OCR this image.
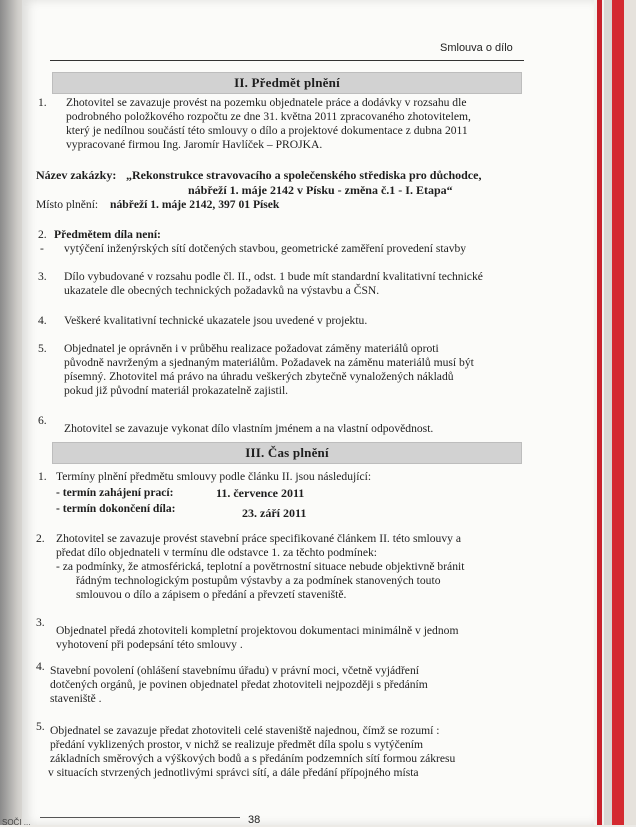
Smlouva o dílo
II. Předmět plnění
1. Zhotovitel se zavazuje provést na pozemku objednatele práce a dodávky v rozsahu dle
podrobného položkového rozpočtu ze dne 31. května 2011 zpracovaného zhotovitelem,
který je nedílnou součástí této smlouvy o dílo a projektové dokumentace z dubna 2011
vypracované firmou Ing. Jaromír Havlíček – PROJKA.
Název zakázky: „Rekonstrukce stravovacího a společenského střediska pro důchodce,
nábřeží 1. máje 2142 v Písku - změna č.1 - I. Etapa“
Místo plnění: nábřeží 1. máje 2142, 397 01 Písek
2. Předmětem díla není:
- vytýčení inženýrských sítí dotčených stavbou, geometrické zaměření provedení stavby
3. Dílo vybudované v rozsahu podle čl. II., odst. 1 bude mít standardní kvalitativní technické
ukazatele dle obecných technických požadavků na výstavbu a ČSN.
4. Veškeré kvalitativní technické ukazatele jsou uvedené v projektu.
5. Objednatel je oprávněn i v průběhu realizace požadovat záměny materiálů oproti
původně navrženým a sjednaným materiálům. Požadavek na záměnu materiálů musí být
písemný. Zhotovitel má právo na úhradu veškerých zbytečně vynaložených nákladů
pokud již původní materiál prokazatelně zajistil.
6.
Zhotovitel se zavazuje vykonat dílo vlastním jménem a na vlastní odpovědnost.
III. Čas plnění
1. Termíny plnění předmětu smlouvy podle článku II. jsou následující:
- termín zahájení prací:	11. července 2011
- termín dokončení díla:	23. září 2011
2. Zhotovitel se zavazuje provést stavební práce specifikované článkem II. této smlouvy a
předat dílo objednateli v termínu dle odstavce 1. za těchto podmínek:
- za podmínky, že atmosférická, teplotní a povětrnostní situace nebude objektivně bránit
řádným technologickým postupům výstavby a za podmínek stanovených touto
smlouvou o dílo a zápisem o předání a převzetí staveniště.
3.
Objednatel předá zhotoviteli kompletní projektovou dokumentaci minimálně v jednom
vyhotovení při podepsání této smlouvy .
4. Stavební povolení (ohlášení stavebnímu úřadu) v právní moci, včetně vyjádření
dotčených orgánů, je povinen objednatel předat zhotoviteli nejpozději s předáním
staveniště .
5. Objednatel se zavazuje předat zhotoviteli celé staveniště najednou, čímž se rozumí :
předání vyklizených prostor, v nichž se realizuje předmět díla spolu s vytýčením
základních směrových a výškových bodů a s předáním podzemních sítí formou zákresu
v situacích stvrzených jednotlivými správci sítí, a dále předání přípojného místa
SOČI ...	38
